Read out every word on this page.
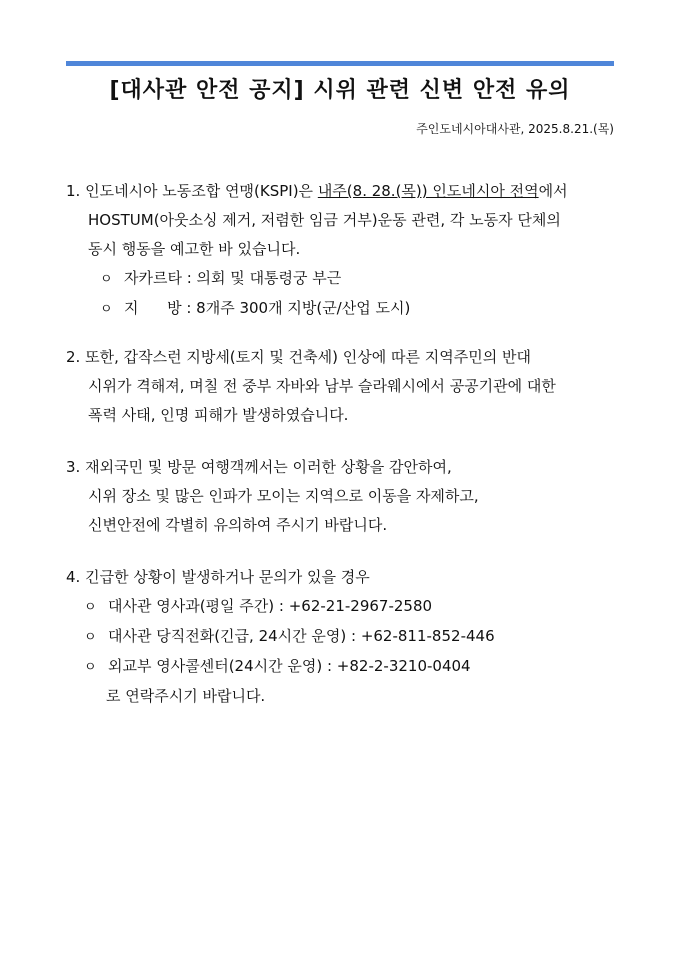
[대사관 안전 공지] 시위 관련 신변 안전 유의
주인도네시아대사관, 2025.8.21.(목)
1. 인도네시아 노동조합 연맹(KSPI)은 내주(8. 28.(목)) 인도네시아 전역에서
HOSTUM(아웃소싱 제거, 저렴한 임금 거부)운동 관련, 각 노동자 단체의
동시 행동을 예고한 바 있습니다.
ㅇ 자카르타 : 의회 및 대통령궁 부근
ㅇ 지      방 : 8개주 300개 지방(군/산업 도시)
2. 또한, 갑작스런 지방세(토지 및 건축세) 인상에 따른 지역주민의 반대
시위가 격해져, 며칠 전 중부 자바와 남부 슬라웨시에서 공공기관에 대한
폭력 사태, 인명 피해가 발생하였습니다.
3. 재외국민 및 방문 여행객께서는 이러한 상황을 감안하여,
시위 장소 및 많은 인파가 모이는 지역으로 이동을 자제하고,
신변안전에 각별히 유의하여 주시기 바랍니다.
4. 긴급한 상황이 발생하거나 문의가 있을 경우
ㅇ 대사관 영사과(평일 주간) : +62-21-2967-2580
ㅇ 대사관 당직전화(긴급, 24시간 운영) : +62-811-852-446
ㅇ 외교부 영사콜센터(24시간 운영) : +82-2-3210-0404
로 연락주시기 바랍니다.
